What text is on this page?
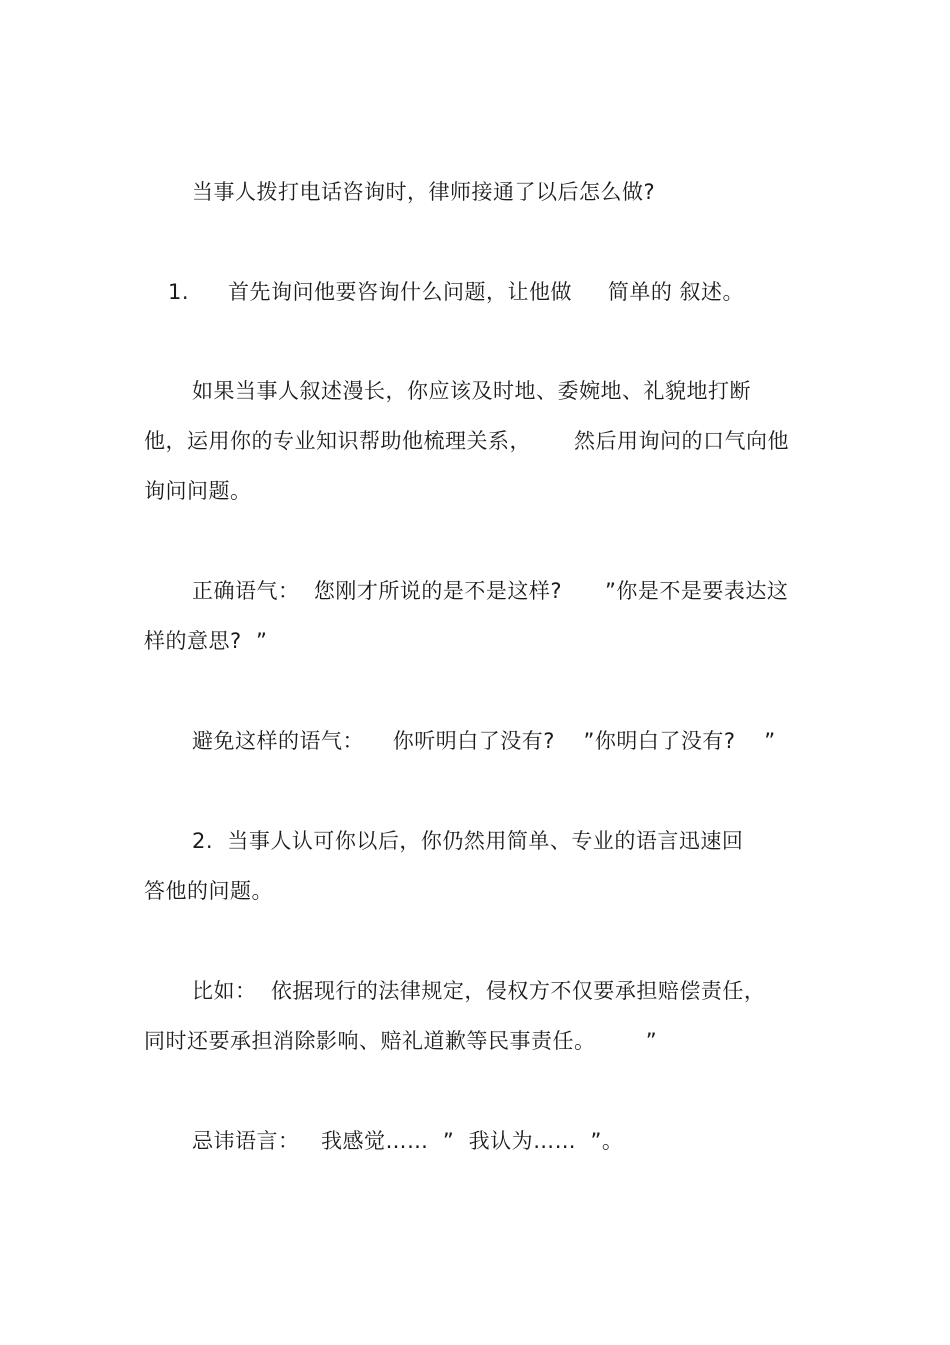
当事人拨打电话咨询时，律师接通了以后怎么做?
1. 首先询问他要咨询什么问题，让他做     简单的 叙述。
如果当事人叙述漫长，你应该及时地、委婉地、礼貌地打断
他，运用你的专业知识帮助他梳理关系，      然后用询问的口气向他
询问问题。
正确语气：  您刚才所说的是不是这样?      ”你是不是要表达这
样的意思?  ”
避免这样的语气：    你听明白了没有?    ”你明白了没有?    ”
2.  当事人认可你以后，你仍然用简单、专业的语言迅速回
答他的问题。
比如：  依据现行的法律规定，侵权方不仅要承担赔偿责任，
同时还要承担消除影响、赔礼道歉等民事责任。       ”
忌讳语言：   我感觉……  ”  我认为……  ”。
